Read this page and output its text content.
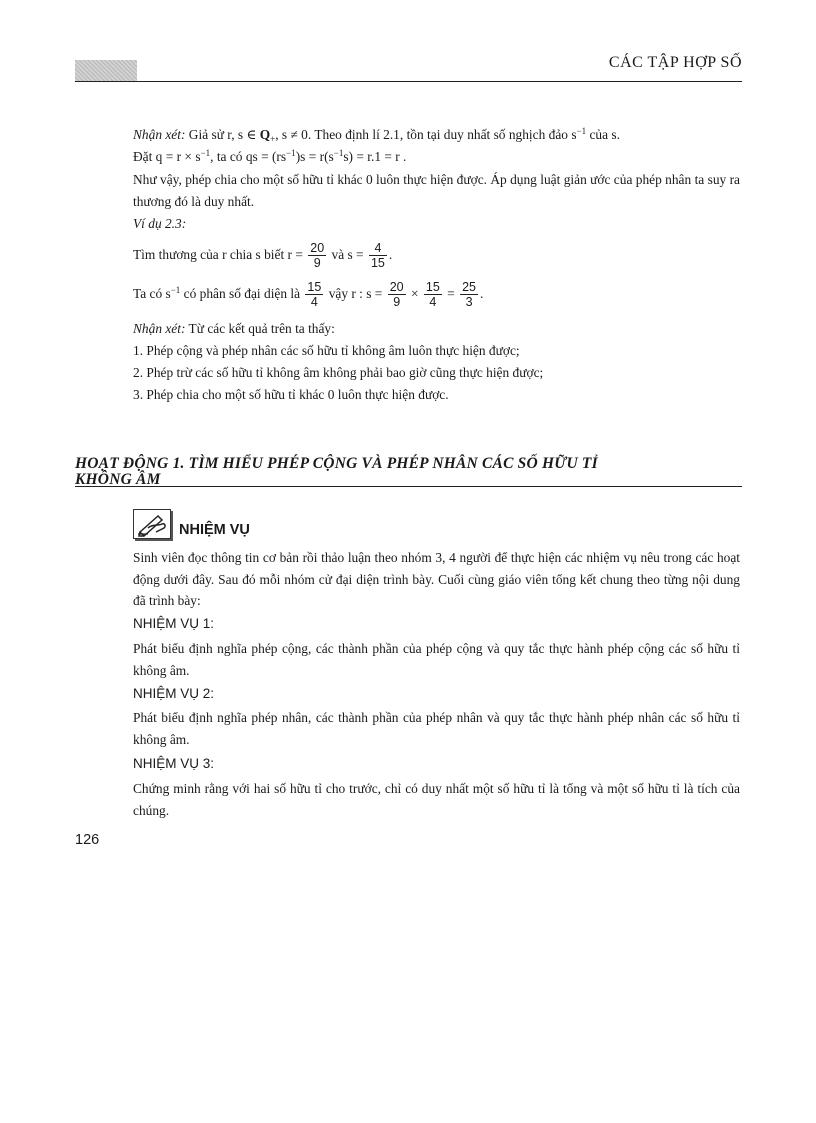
CÁC TẬP HỢP SỐ
Nhận xét: Giả sử r, s ∈ $Q_+$, s ≠ 0. Theo định lí 2.1, tồn tại duy nhất số nghịch đảo $s^{-1}$ của s.
Đặt $q = r \times s^{-1}$, ta có qs = $(rs^{-1})s = r(s^{-1}s) = r.1 = r$ .
Như vậy, phép chia cho một số hữu tỉ khác 0 luôn thực hiện được. Áp dụng luật giản ước của phép nhân ta suy ra thương đó là duy nhất.
Ví dụ 2.3:
Tìm thương của r chia s biết $r = \frac{20}{9}$ và $s = \frac{4}{15}$ .
Ta có $s^{-1}$ có phân số đại diện là $\frac{15}{4}$ vậy r : $s = \frac{20}{9} \times \frac{15}{4} = \frac{25}{3}$ .
Nhận xét: Từ các kết quả trên ta thấy:
1. Phép cộng và phép nhân các số hữu tỉ không âm luôn thực hiện được;
2. Phép trừ các số hữu tỉ không âm không phải bao giờ cũng thực hiện được;
3. Phép chia cho một số hữu tỉ khác 0 luôn thực hiện được.
HOẠT ĐỘNG 1. TÌM HIỂU PHÉP CỘNG VÀ PHÉP NHÂN CÁC SỐ HỮU TỈ
KHÔNG ÂM
NHIỆM VỤ
Sinh viên đọc thông tin cơ bản rồi thảo luận theo nhóm 3, 4 người để thực hiện các nhiệm vụ nêu trong các hoạt động dưới đây. Sau đó mỗi nhóm cử đại diện trình bày. Cuối cùng giáo viên tổng kết chung theo từng nội dung đã trình bày:
NHIỆM VỤ 1:
Phát biểu định nghĩa phép cộng, các thành phần của phép cộng và quy tắc thực hành phép cộng các số hữu tỉ không âm.
NHIỆM VỤ 2:
Phát biểu định nghĩa phép nhân, các thành phần của phép nhân và quy tắc thực hành phép nhân các số hữu tỉ không âm.
NHIỆM VỤ 3:
Chứng minh rằng với hai số hữu tỉ cho trước, chỉ có duy nhất một số hữu tỉ là tổng và một số hữu tỉ là tích của chúng.
126
